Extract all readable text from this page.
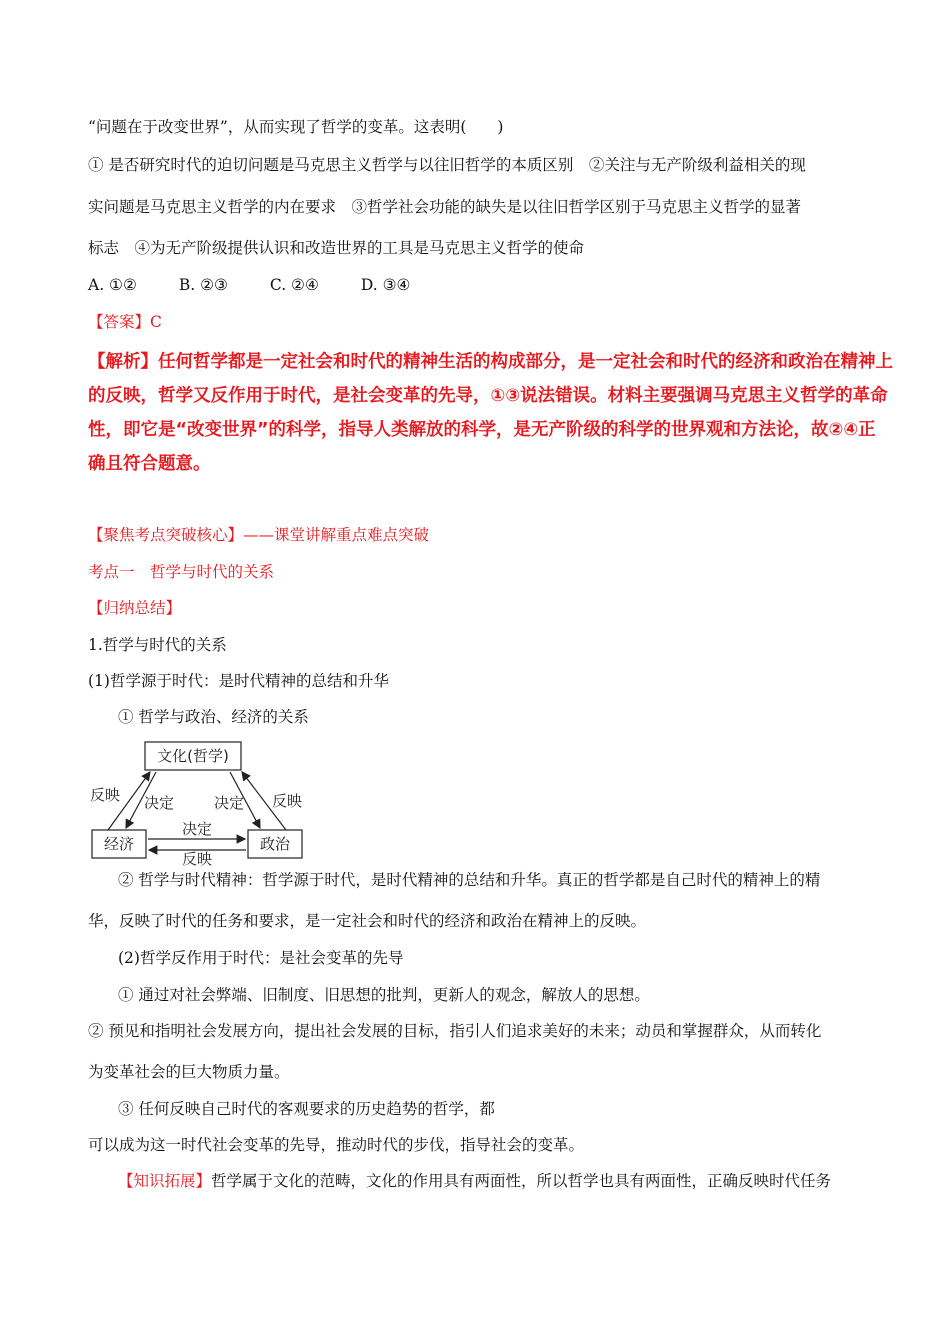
“问题在于改变世界”，从而实现了哲学的变革。这表明(　　)
① 是否研究时代的迫切问题是马克思主义哲学与以往旧哲学的本质区别　②关注与无产阶级利益相关的现
实问题是马克思主义哲学的内在要求　③哲学社会功能的缺失是以往旧哲学区别于马克思主义哲学的显著
标志　④为无产阶级提供认识和改造世界的工具是马克思主义哲学的使命
A. ①②	B. ②③	C. ②④	D. ③④
【答案】C
【解析】任何哲学都是一定社会和时代的精神生活的构成部分，是一定社会和时代的经济和政治在精神上
的反映，哲学又反作用于时代，是社会变革的先导，①③说法错误。材料主要强调马克思主义哲学的革命
性，即它是“改变世界”的科学，指导人类解放的科学，是无产阶级的科学的世界观和方法论，故②④正
确且符合题意。
【聚焦考点突破核心】——课堂讲解重点难点突破
考点一　哲学与时代的关系
【归纳总结】
1.哲学与时代的关系
(1)哲学源于时代：是时代精神的总结和升华
① 哲学与政治、经济的关系
文化(哲学)
经济	政治
反映 决定	决定 反映
决定
反映
② 哲学与时代精神：哲学源于时代，是时代精神的总结和升华。真正的哲学都是自己时代的精神上的精
华，反映了时代的任务和要求，是一定社会和时代的经济和政治在精神上的反映。
(2)哲学反作用于时代：是社会变革的先导
① 通过对社会弊端、旧制度、旧思想的批判，更新人的观念，解放人的思想。
② 预见和指明社会发展方向，提出社会发展的目标，指引人们追求美好的未来；动员和掌握群众，从而转化
为变革社会的巨大物质力量。
③ 任何反映自己时代的客观要求的历史趋势的哲学，都
可以成为这一时代社会变革的先导，推动时代的步伐，指导社会的变革。
【知识拓展】哲学属于文化的范畴，文化的作用具有两面性，所以哲学也具有两面性，正确反映时代任务
